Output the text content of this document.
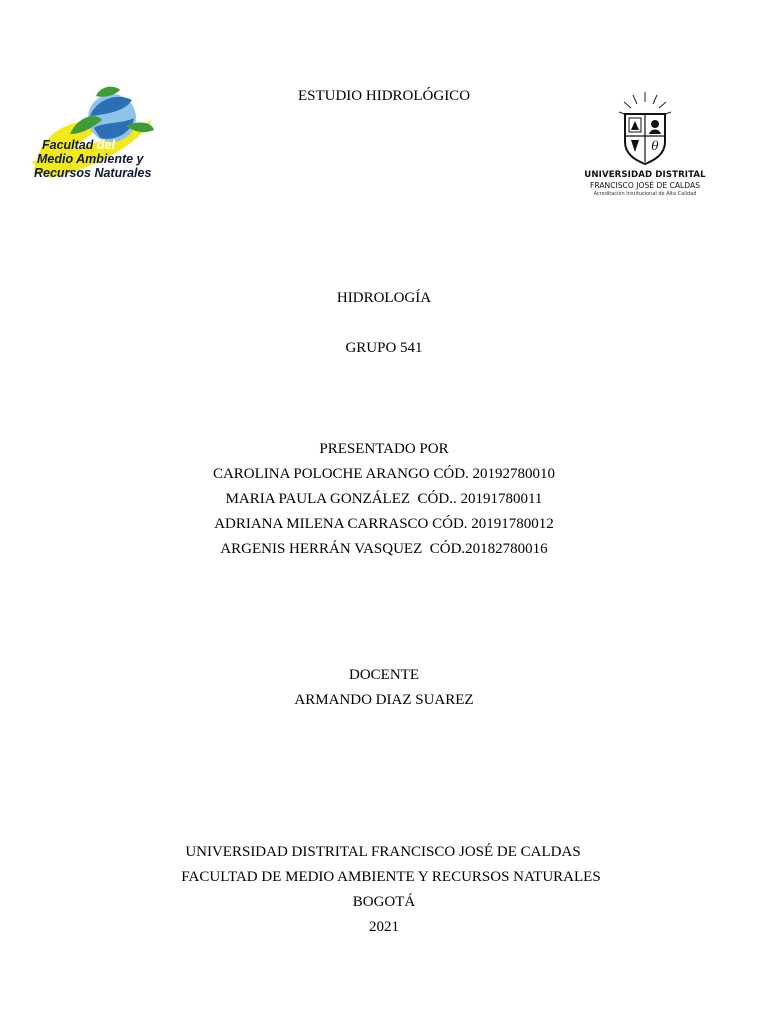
Facultad del
Medio Ambiente y
Recursos Naturales
θ
UNIVERSIDAD DISTRITAL
FRANCISCO JOSÉ DE CALDAS
Acreditación Institucional de Alta Calidad
ESTUDIO HIDROLÓGICO
HIDROLOGÍA
GRUPO 541
PRESENTADO POR
CAROLINA POLOCHE ARANGO CÓD. 20192780010
MARIA PAULA GONZÁLEZ  CÓD.. 20191780011
ADRIANA MILENA CARRASCO CÓD. 20191780012
ARGENIS HERRÁN VASQUEZ  CÓD.20182780016
DOCENTE
ARMANDO DIAZ SUAREZ
UNIVERSIDAD DISTRITAL FRANCISCO JOSÉ DE CALDAS
FACULTAD DE MEDIO AMBIENTE Y RECURSOS NATURALES
BOGOTÁ
2021
